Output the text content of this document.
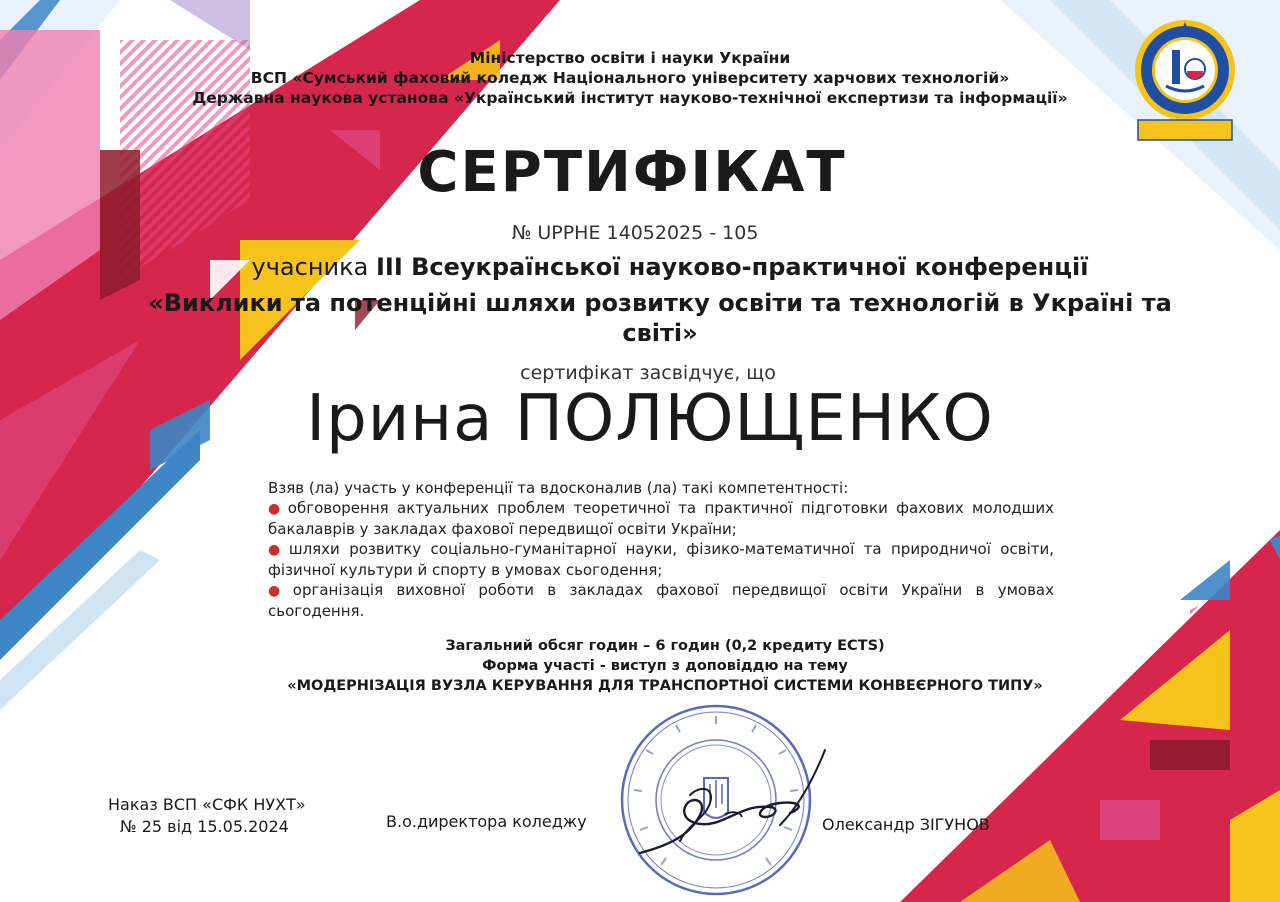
Міністерство освіти і науки України
ВСП «Сумський фаховий коледж Національного університету харчових технологій»
Державна наукова установа «Український інститут науково-технічної експертизи та інформації»
СЕРТИФІКАТ
№ UPPHE 14052025 - 105
учасника ІІІ Всеукраїнської науково-практичної конференції
«Виклики та потенційні шляхи розвитку освіти та технологій в Україні та світі»
сертифікат засвідчує, що
Ірина ПОЛЮЩЕНКО

Взяв (ла) участь у конференції та вдосконалив (ла) такі компетентності:

● обговорення актуальних проблем теоретичної та практичної підготовки фахових молодших бакалаврів у закладах фахової передвищої освіти України;

● шляхи розвитку соціально-гуманітарної науки, фізико-математичної та природничої освіти, фізичної культури й спорту в умовах сьогодення;

● організація виховної роботи в закладах фахової передвищої освіти України в умовах сьогодення.

Загальний обсяг годин – 6 годин (0,2 кредиту ECTS)
Форма участі - виступ з доповіддю на тему
«МОДЕРНІЗАЦІЯ ВУЗЛА КЕРУВАННЯ ДЛЯ ТРАНСПОРТНОЇ СИСТЕМИ КОНВЕЄРНОГО ТИПУ»
Наказ ВСП «СФК НУХТ»
№ 25 від 15.05.2024	В.о.директора коледжу	Олександр ЗІГУНОВ
